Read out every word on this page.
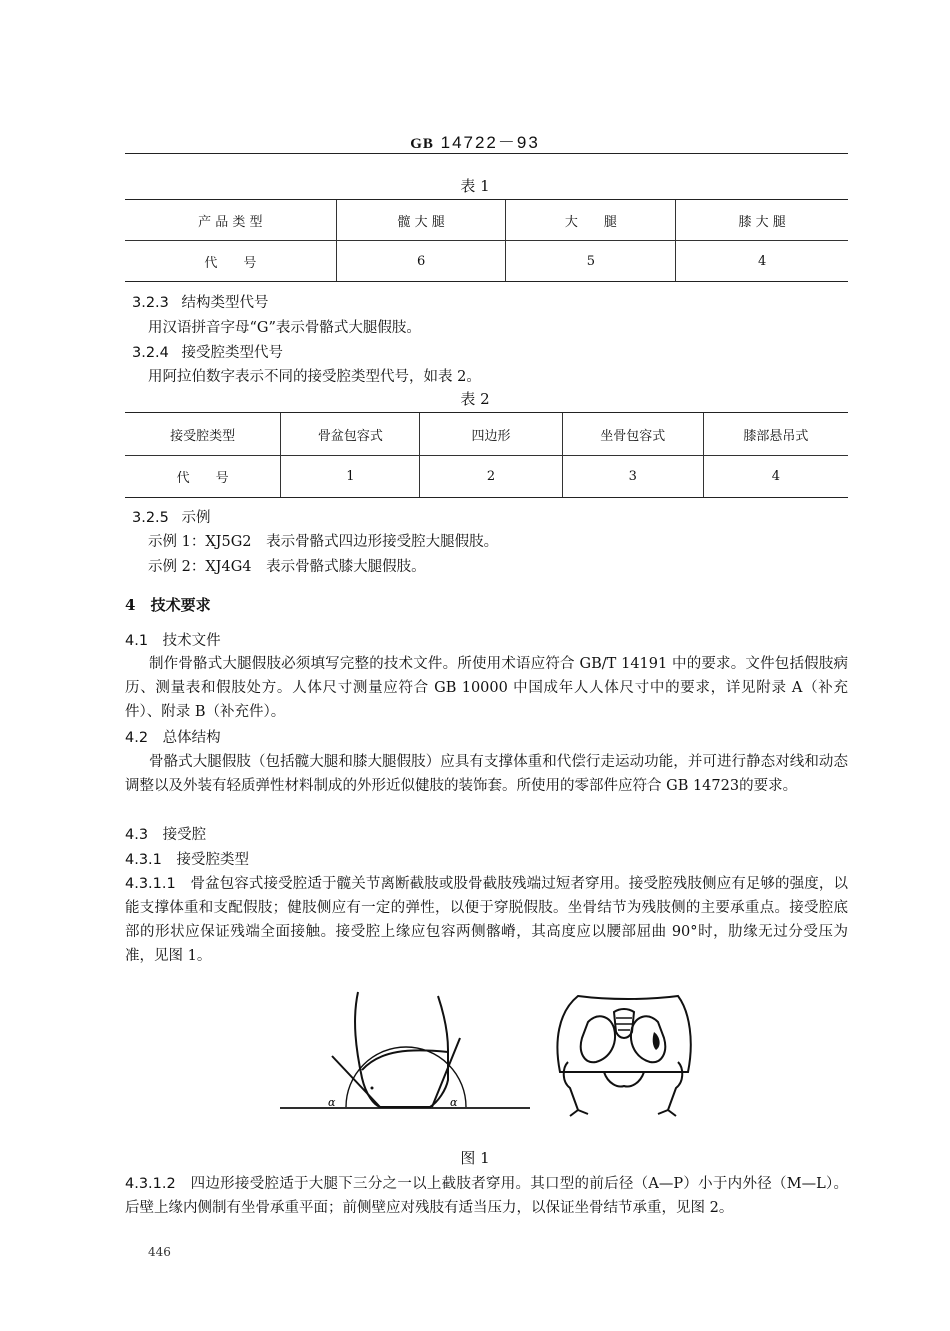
GB 14722－93
表 1
产 品 类 型	髋 大 腿	大　　腿	膝 大 腿
代　　号	6	5	4
3.2.3 结构类型代号
用汉语拼音字母“G”表示骨骼式大腿假肢。
3.2.4 接受腔类型代号
用阿拉伯数字表示不同的接受腔类型代号，如表 2。
表 2
接受腔类型	骨盆包容式	四边形	坐骨包容式	膝部悬吊式
代　　号	1	2	3	4
3.2.5 示例
示例 1：XJ5G2 表示骨骼式四边形接受腔大腿假肢。
示例 2：XJ4G4 表示骨骼式膝大腿假肢。
4 技术要求
4.1 技术文件
制作骨骼式大腿假肢必须填写完整的技术文件。所使用术语应符合 GB/T 14191 中的要求。文件包括假肢病历、测量表和假肢处方。人体尺寸测量应符合 GB 10000 中国成年人人体尺寸中的要求，详见附录 A（补充件）、附录 B（补充件）。
4.2 总体结构
骨骼式大腿假肢（包括髋大腿和膝大腿假肢）应具有支撑体重和代偿行走运动功能，并可进行静态对线和动态调整以及外装有轻质弹性材料制成的外形近似健肢的装饰套。所使用的零部件应符合 GB 14723的要求。
4.3 接受腔
4.3.1 接受腔类型
4.3.1.1 骨盆包容式接受腔适于髋关节离断截肢或股骨截肢残端过短者穿用。接受腔残肢侧应有足够的强度，以能支撑体重和支配假肢；健肢侧应有一定的弹性，以便于穿脱假肢。坐骨结节为残肢侧的主要承重点。接受腔底部的形状应保证残端全面接触。接受腔上缘应包容两侧髂嵴，其高度应以腰部屈曲 90°时，肋缘无过分受压为准，见图 1。
α	α
图 1
4.3.1.2 四边形接受腔适于大腿下三分之一以上截肢者穿用。其口型的前后径（A—P）小于内外径（M—L）。后壁上缘内侧制有坐骨承重平面；前侧壁应对残肢有适当压力，以保证坐骨结节承重，见图 2。
446
